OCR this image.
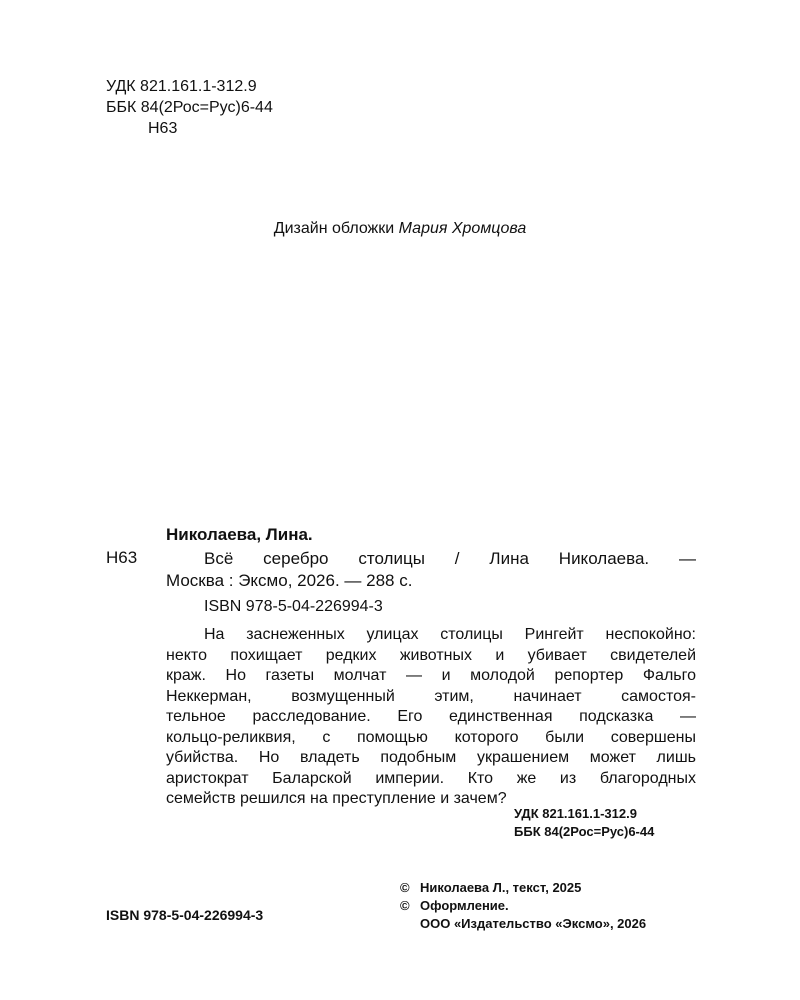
УДК 821.161.1-312.9
ББК 84(2Рос=Рус)6-44
Н63
Дизайн обложки Мария Хромцова
Николаева, Лина.
Н63	Всё серебро столицы / Лина Николаева. —
Москва : Эксмо, 2026. — 288 с.
ISBN 978-5-04-226994-3
На заснеженных улицах столицы Рингейт неспокойно:
некто похищает редких животных и убивает свидетелей
краж. Но газеты молчат — и молодой репортер Фальго
Неккерман, возмущенный этим, начинает самостоя-
тельное расследование. Его единственная подсказка —
кольцо-реликвия, с помощью которого были совершены
убийства. Но владеть подобным украшением может лишь
аристократ Баларской империи. Кто же из благородных
семейств решился на преступление и зачем?
УДК 821.161.1-312.9
ББК 84(2Рос=Рус)6-44
© Николаева Л., текст, 2025
© Оформление.
ООО «Издательство «Эксмо», 2026
ISBN 978-5-04-226994-3
